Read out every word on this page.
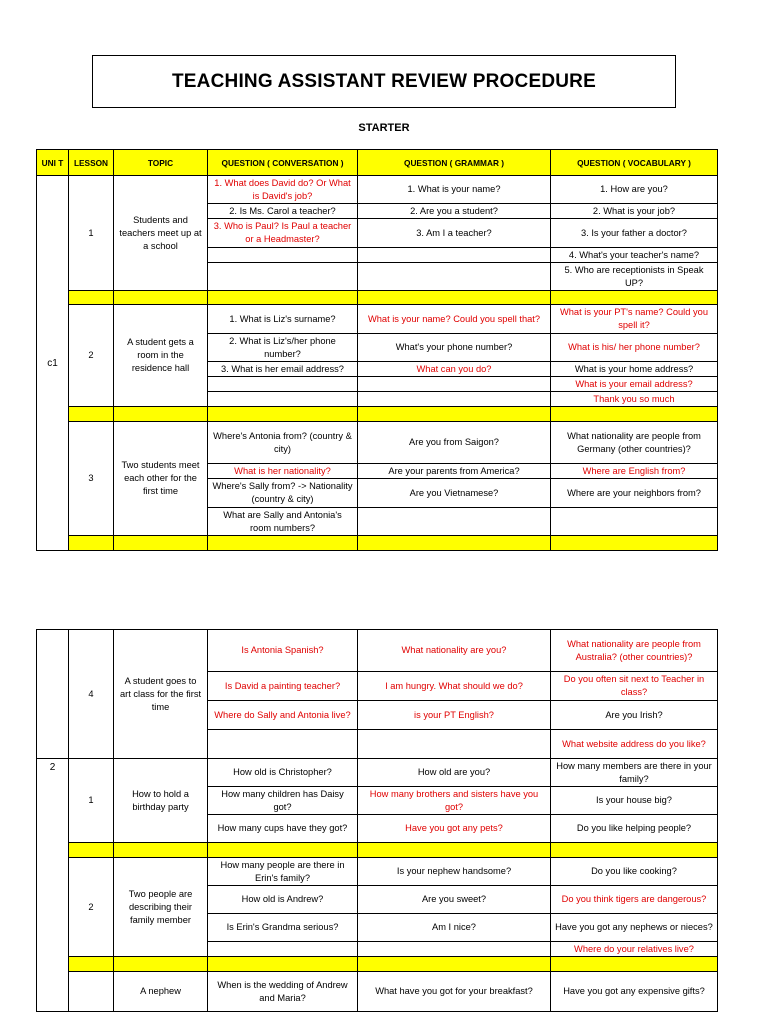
TEACHING ASSISTANT REVIEW PROCEDURE
STARTER
UNI T	LESSON	TOPIC	QUESTION ( CONVERSATION )	QUESTION ( GRAMMAR )	QUESTION ( VOCABULARY )
c1	1	Students and teachers meet up at a school	1. What does David do? Or What is David's job?	1. What is your name?	1. How are you?
			2. Is Ms. Carol a teacher?	2. Are you a student?	2. What is your job?
			3. Who is Paul? Is Paul a teacher or a Headmaster?	3. Am I a teacher?	3. Is your father a doctor?
					4. What's your teacher's name?
					5. Who are receptionists in Speak UP?

	2	A student gets a room in the residence hall	1. What is Liz's surname?	What is your name? Could you spell that?	What is your PT's name? Could you spell it?
			2. What is Liz's/her phone number?	What's your phone number?	What is his/ her phone number?
			3. What is her email address?	What can you do?	What is your home address?
					What is your email address?
					Thank you so much

	3	Two students meet each other for the first time	Where's Antonia from? (country & city)	Are you from Saigon?	What nationality are people from Germany (other countries)?
			What is her nationality?	Are your parents from America?	Where are English from?
			Where's Sally from? -> Nationality (country & city)	Are you Vietnamese?	Where are your neighbors from?
			What are Sally and Antonia's room numbers?		

	4	A student goes to art class for the first time	Is Antonia Spanish?	What nationality are you?	What nationality are people from Australia? (other countries)?
			Is David a painting teacher?	I am hungry. What should we do?	Do you often sit next to Teacher in class?
			Where do Sally and Antonia live?	is your PT English?	Are you Irish?
					What website address do you like?
2	1	How to hold a birthday party	How old is Christopher?	How old are you?	How many members are there in your family?
			How many children has Daisy got?	How many brothers and sisters have you got?	Is your house big?
			How many cups have they got?	Have you got any pets?	Do you like helping people?

	2	Two people are describing their family member	How many people are there in Erin's family?	Is your nephew handsome?	Do you like cooking?
			How old is Andrew?	Are you sweet?	Do you think tigers are dangerous?
			Is Erin's Grandma serious?	Am I nice?	Have you got any nephews or nieces?
					Where do your relatives live?

		A nephew	When is the wedding of Andrew and Maria?	What have you got for your breakfast?	Have you got any expensive gifts?
